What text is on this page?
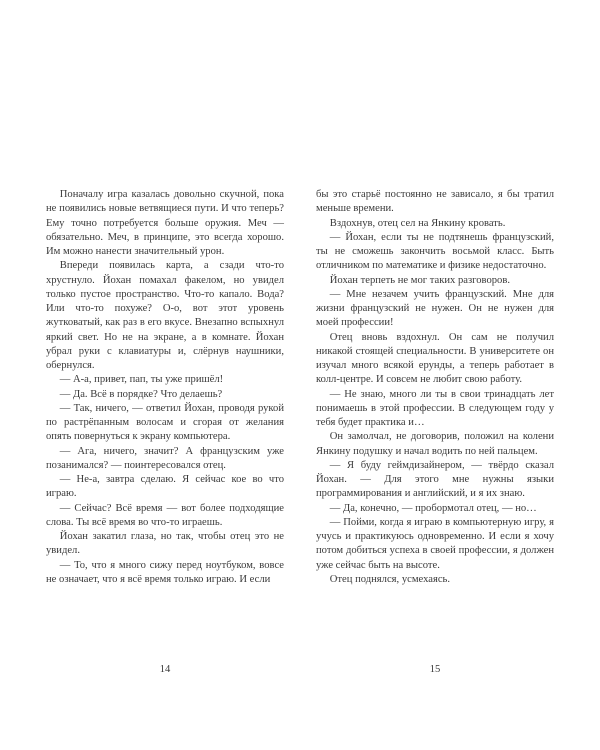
Поначалу игра казалась довольно скучной, пока не появились новые ветвящиеся пути. И что теперь? Ему точно потребуется больше оружия. Меч — обязательно. Меч, в принципе, это всегда хорошо. Им можно нанести значительный урон.

Впереди появилась карта, а сзади что-то хрустнуло. Йохан помахал факелом, но увидел только пустое пространство. Что-то капало. Вода? Или что-то похуже? О-о, вот этот уровень жутковатый, как раз в его вкусе. Внезапно вспыхнул яркий свет. Но не на экране, а в комнате. Йохан убрал руки с клавиатуры и, слёрнув наушники, обернулся.

— А-а, привет, пап, ты уже пришёл!

— Да. Всё в порядке? Что делаешь?

— Так, ничего, — ответил Йохан, проводя рукой по растрёпанным волосам и сгорая от желания опять повернуться к экрану компьютера.

— Ага, ничего, значит? А французским уже позанимался? — поинтересовался отец.

— Не-а, завтра сделаю. Я сейчас кое во что играю.

— Сейчас? Всё время — вот более подходящие слова. Ты всё время во что-то играешь.

Йохан закатил глаза, но так, чтобы отец это не увидел.

— То, что я много сижу перед ноутбуком, вовсе не означает, что я всё время только играю. И если

14

бы это старьё постоянно не зависало, я бы тратил меньше времени.

Вздохнув, отец сел на Янкину кровать.

— Йохан, если ты не подтянешь французский, ты не сможешь закончить восьмой класс. Быть отличником по математике и физике недостаточно.

Йохан терпеть не мог таких разговоров.

— Мне незачем учить французский. Мне для жизни французский не нужен. Он не нужен для моей профессии!

Отец вновь вздохнул. Он сам не получил никакой стоящей специальности. В университете он изучал много всякой ерунды, а теперь работает в колл-центре. И совсем не любит свою работу.

— Не знаю, много ли ты в свои тринадцать лет понимаешь в этой профессии. В следующем году у тебя будет практика и…

Он замолчал, не договорив, положил на колени Янкину подушку и начал водить по ней пальцем.

— Я буду геймдизайнером, — твёрдо сказал Йохан. — Для этого мне нужны языки программирования и английский, и я их знаю.

— Да, конечно, — пробормотал отец, — но…

— Пойми, когда я играю в компьютерную игру, я учусь и практикуюсь одновременно. И если я хочу потом добиться успеха в своей профессии, я должен уже сейчас быть на высоте.

Отец поднялся, усмехаясь.

15
